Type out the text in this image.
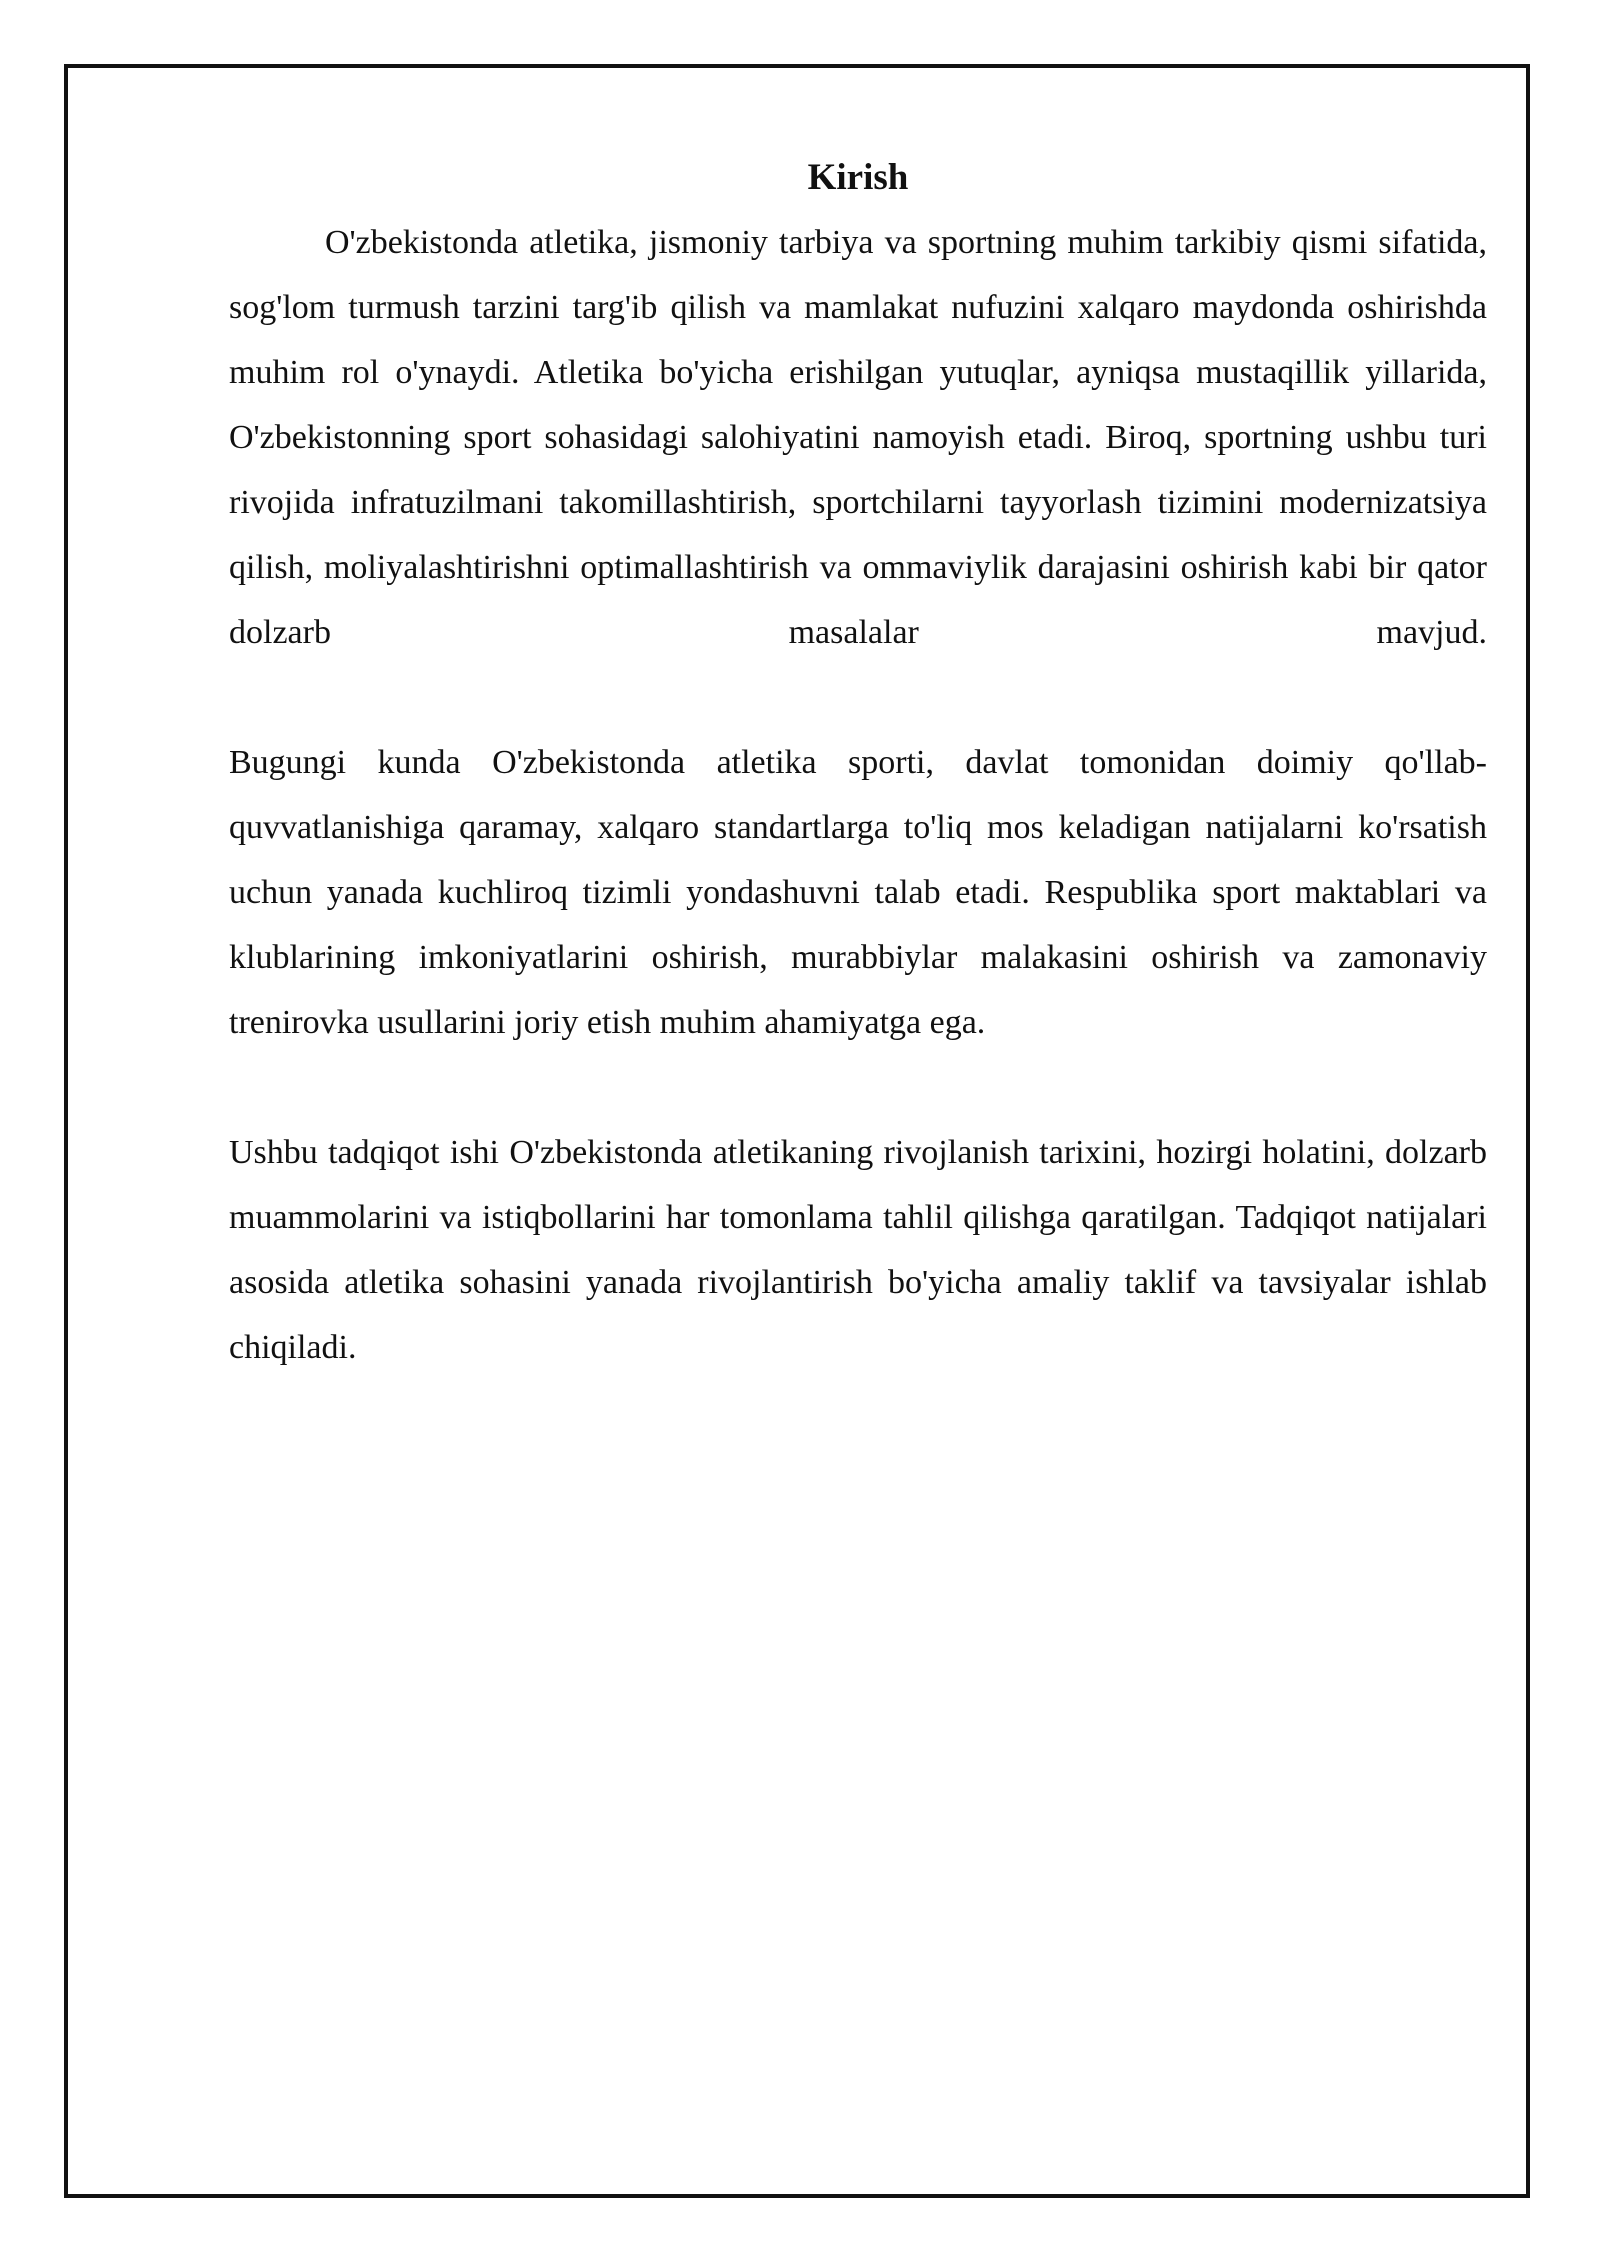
Kirish

O'zbekistonda atletika, jismoniy tarbiya va sportning muhim tarkibiy qismi sifatida, sog'lom turmush tarzini targ'ib qilish va mamlakat nufuzini xalqaro maydonda oshirishda muhim rol o'ynaydi. Atletika bo'yicha erishilgan yutuqlar, ayniqsa mustaqillik yillarida, O'zbekistonning sport sohasidagi salohiyatini namoyish etadi. Biroq, sportning ushbu turi rivojida infratuzilmani takomillashtirish, sportchilarni tayyorlash tizimini modernizatsiya qilish, moliyalashtirishni optimallashtirish va ommaviylik darajasini oshirish kabi bir qator dolzarb masalalar mavjud.

Bugungi kunda O'zbekistonda atletika sporti, davlat tomonidan doimiy qo'llab-quvvatlanishiga qaramay, xalqaro standartlarga to'liq mos keladigan natijalarni ko'rsatish uchun yanada kuchliroq tizimli yondashuvni talab etadi. Respublika sport maktablari va klublarining imkoniyatlarini oshirish, murabbiylar malakasini oshirish va zamonaviy trenirovka usullarini joriy etish muhim ahamiyatga ega.

Ushbu tadqiqot ishi O'zbekistonda atletikaning rivojlanish tarixini, hozirgi holatini, dolzarb muammolarini va istiqbollarini har tomonlama tahlil qilishga qaratilgan. Tadqiqot natijalari asosida atletika sohasini yanada rivojlantirish bo'yicha amaliy taklif va tavsiyalar ishlab chiqiladi.
